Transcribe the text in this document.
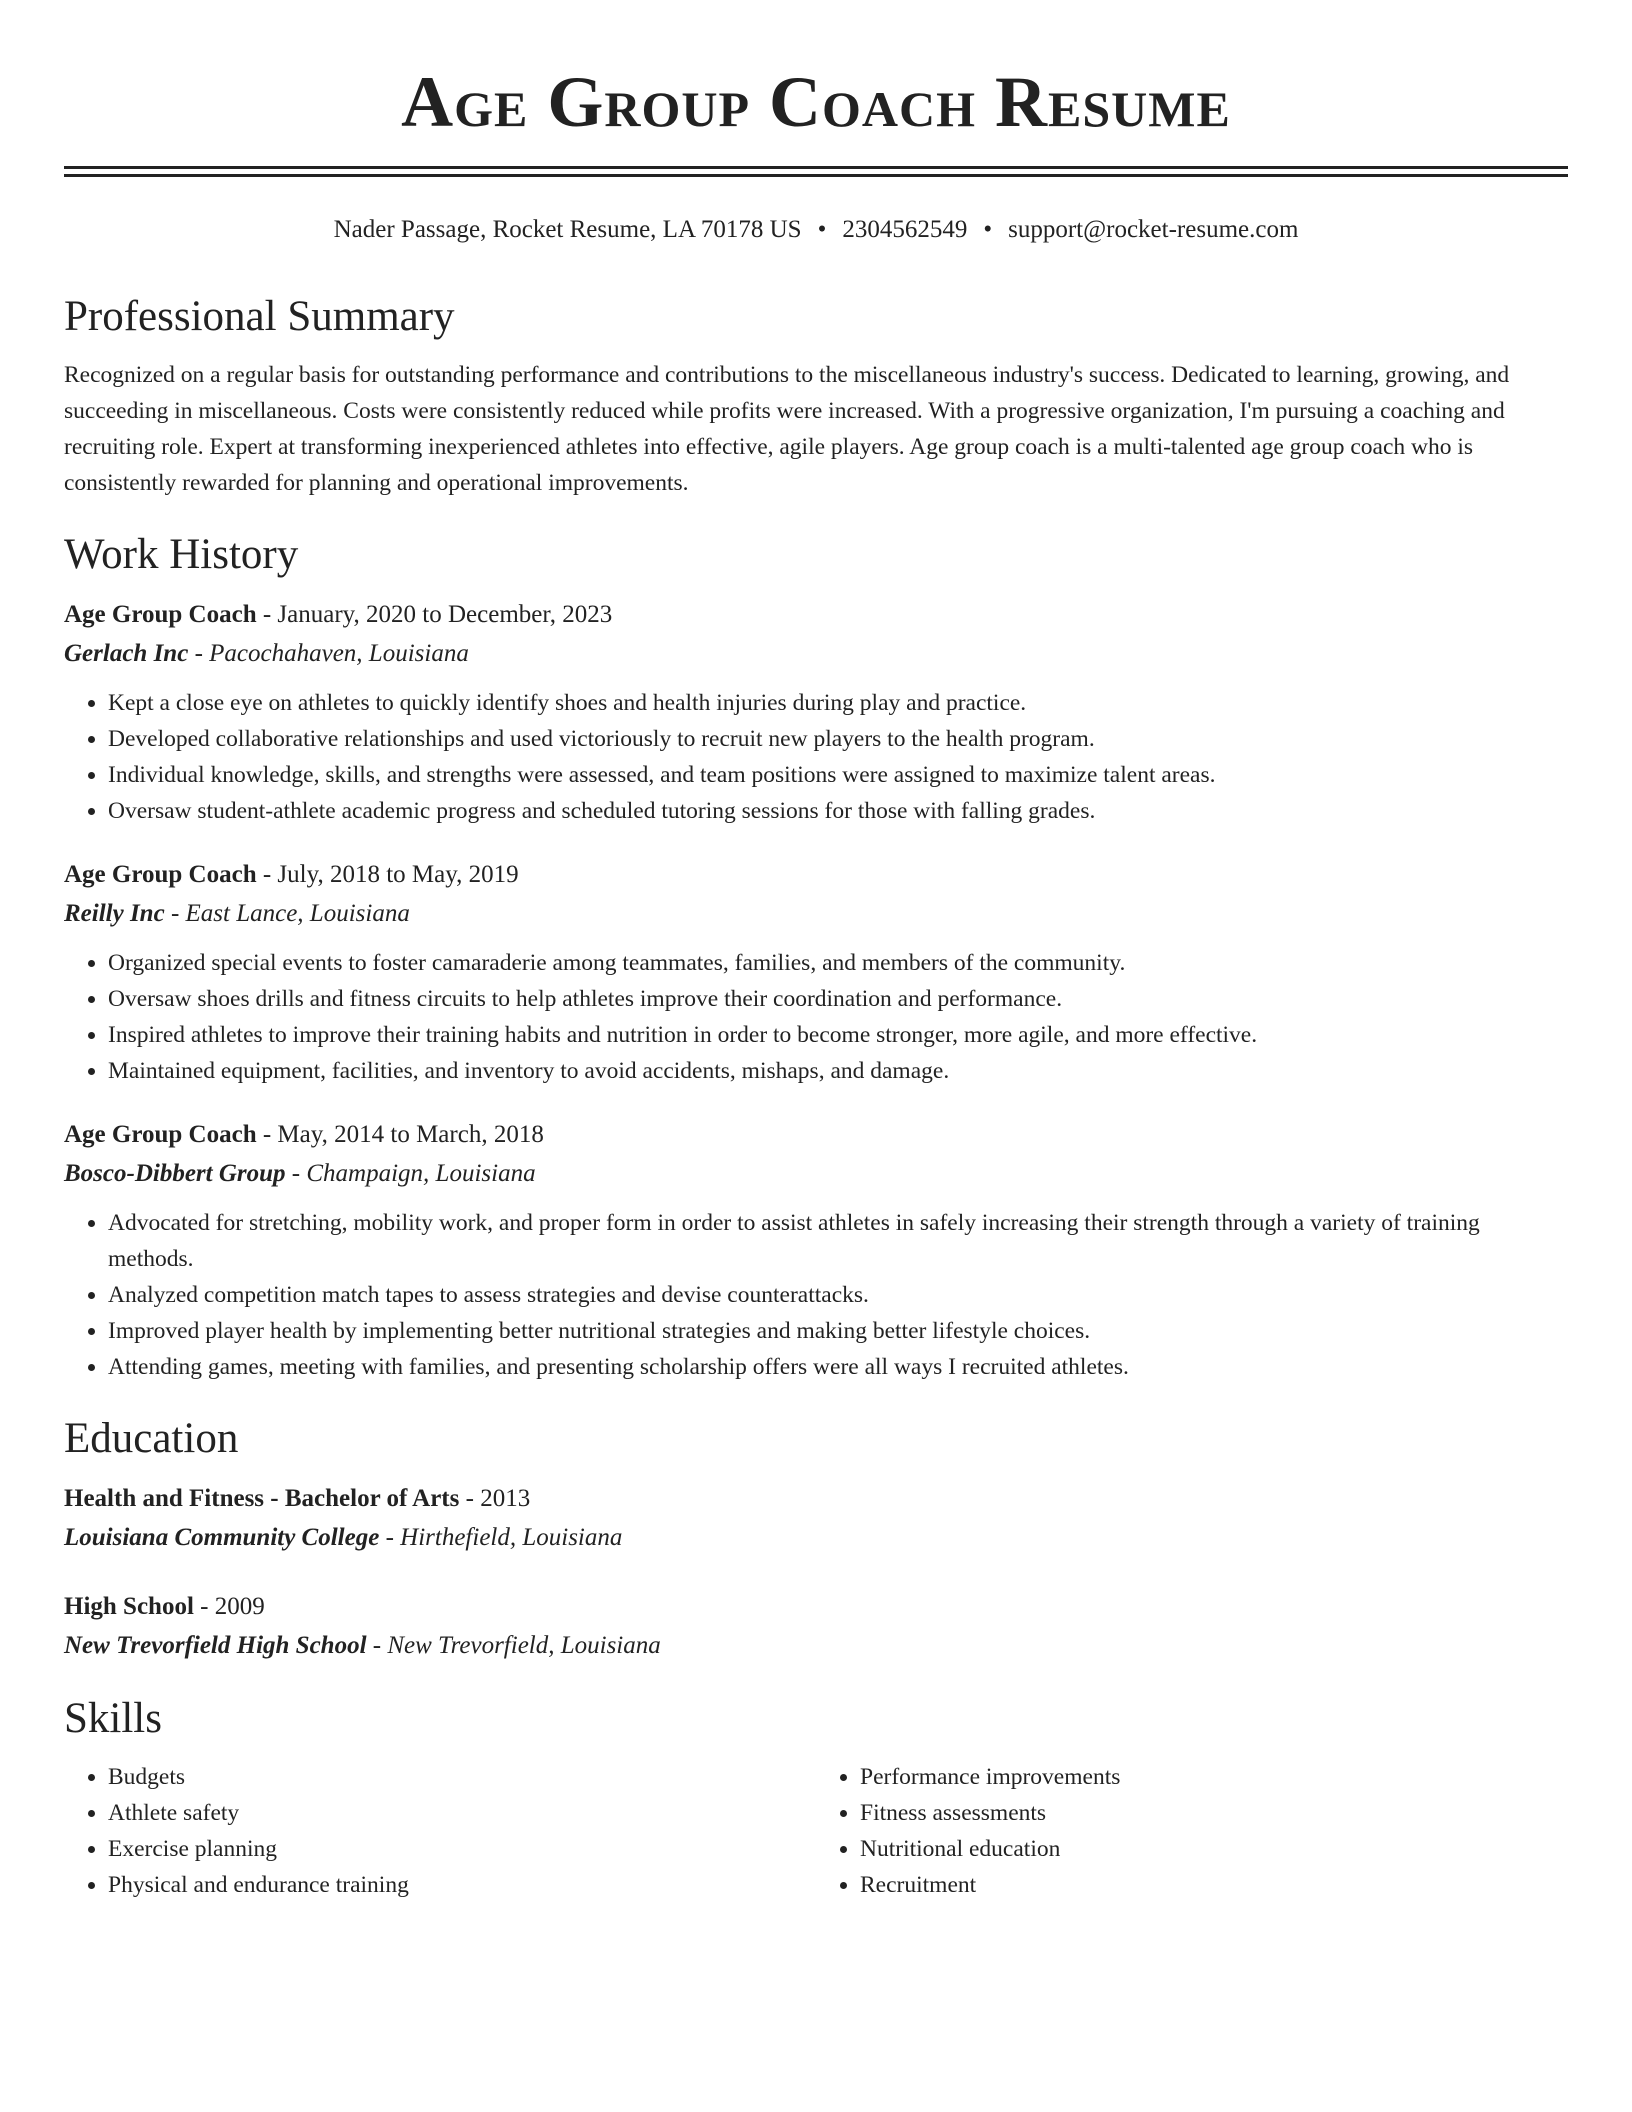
Age Group Coach Resume
Nader Passage, Rocket Resume, LA 70178 US • 2304562549 • support@rocket-resume.com
Professional Summary

Recognized on a regular basis for outstanding performance and contributions to the miscellaneous industry's success. Dedicated to learning, growing, and succeeding in miscellaneous. Costs were consistently reduced while profits were increased. With a progressive organization, I'm pursuing a coaching and recruiting role. Expert at transforming inexperienced athletes into effective, agile players. Age group coach is a multi-talented age group coach who is consistently rewarded for planning and operational improvements.

Work History
Age Group Coach - January, 2020 to December, 2023
Gerlach Inc - Pacochahaven, Louisiana
• Kept a close eye on athletes to quickly identify shoes and health injuries during play and practice.
• Developed collaborative relationships and used victoriously to recruit new players to the health program.
• Individual knowledge, skills, and strengths were assessed, and team positions were assigned to maximize talent areas.
• Oversaw student-athlete academic progress and scheduled tutoring sessions for those with falling grades.
Age Group Coach - July, 2018 to May, 2019
Reilly Inc - East Lance, Louisiana
• Organized special events to foster camaraderie among teammates, families, and members of the community.
• Oversaw shoes drills and fitness circuits to help athletes improve their coordination and performance.
• Inspired athletes to improve their training habits and nutrition in order to become stronger, more agile, and more effective.
• Maintained equipment, facilities, and inventory to avoid accidents, mishaps, and damage.
Age Group Coach - May, 2014 to March, 2018
Bosco-Dibbert Group - Champaign, Louisiana
• Advocated for stretching, mobility work, and proper form in order to assist athletes in safely increasing their strength through a variety of training methods.
• Analyzed competition match tapes to assess strategies and devise counterattacks.
• Improved player health by implementing better nutritional strategies and making better lifestyle choices.
• Attending games, meeting with families, and presenting scholarship offers were all ways I recruited athletes.
Education
Health and Fitness - Bachelor of Arts - 2013
Louisiana Community College - Hirthefield, Louisiana
High School - 2009
New Trevorfield High School - New Trevorfield, Louisiana
Skills
• Budgets
• Athlete safety
• Exercise planning
• Physical and endurance training
• Performance improvements
• Fitness assessments
• Nutritional education
• Recruitment
